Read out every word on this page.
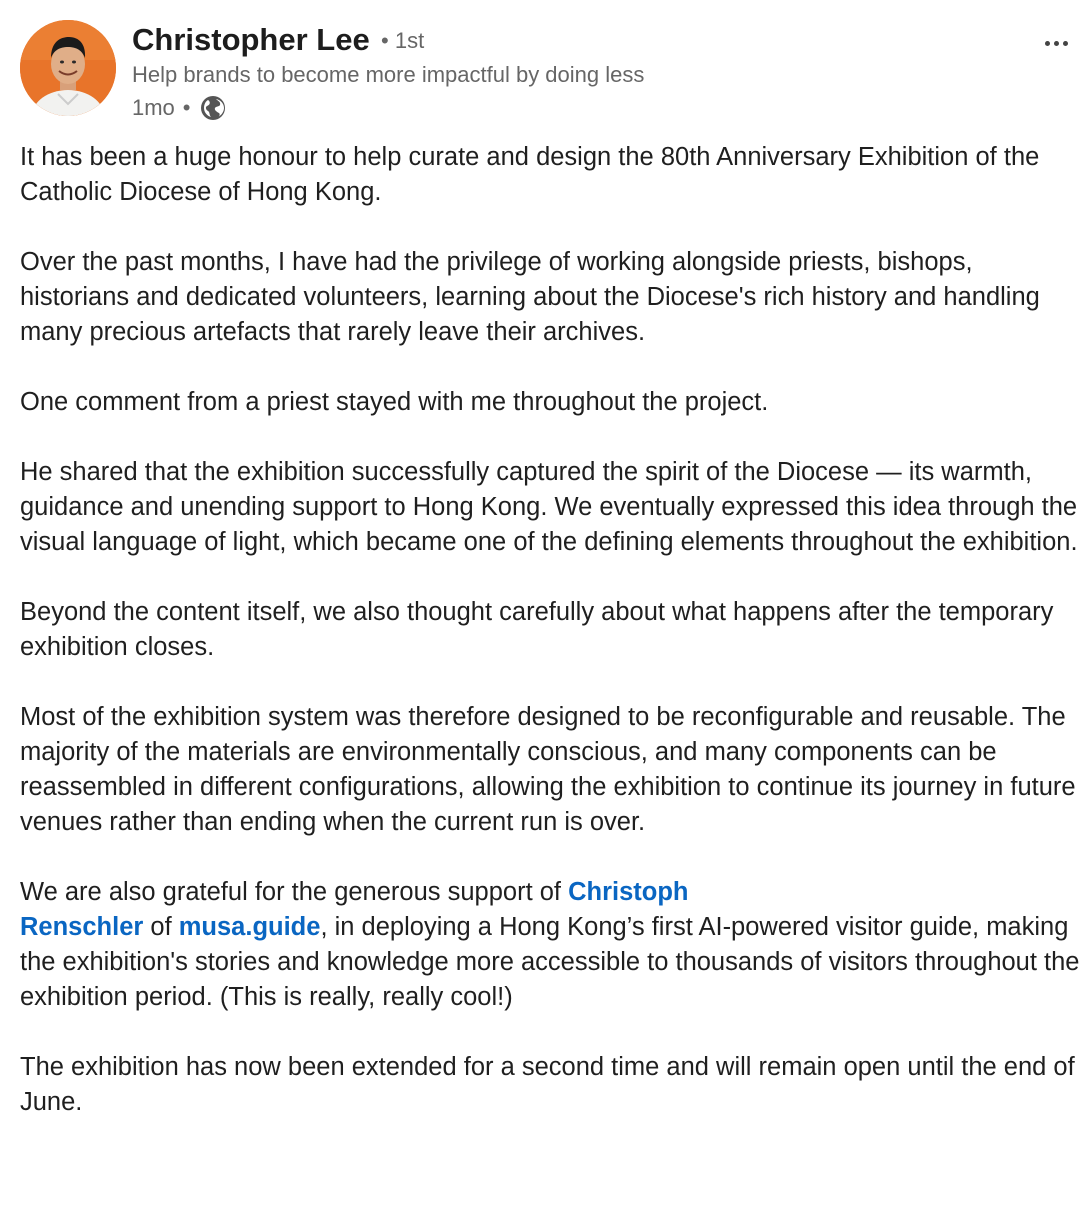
Christopher Lee • 1st
Help brands to become more impactful by doing less
1mo •

It has been a huge honour to help curate and design the 80th Anniversary Exhibition of the Catholic Diocese of Hong Kong.

Over the past months, I have had the privilege of working alongside priests, bishops, historians and dedicated volunteers, learning about the Diocese's rich history and handling many precious artefacts that rarely leave their archives.

One comment from a priest stayed with me throughout the project.

He shared that the exhibition successfully captured the spirit of the Diocese — its warmth, guidance and unending support to Hong Kong. We eventually expressed this idea through the visual language of light, which became one of the defining elements throughout the exhibition.

Beyond the content itself, we also thought carefully about what happens after the temporary exhibition closes.

Most of the exhibition system was therefore designed to be reconfigurable and reusable. The majority of the materials are environmentally conscious, and many components can be reassembled in different configurations, allowing the exhibition to continue its journey in future venues rather than ending when the current run is over.

We are also grateful for the generous support of Christoph
Renschler of musa.guide, in deploying a Hong Kong’s first AI-powered visitor guide, making the exhibition's stories and knowledge more accessible to thousands of visitors throughout the exhibition period. (This is really, really cool!)

The exhibition has now been extended for a second time and will remain open until the end of June.
